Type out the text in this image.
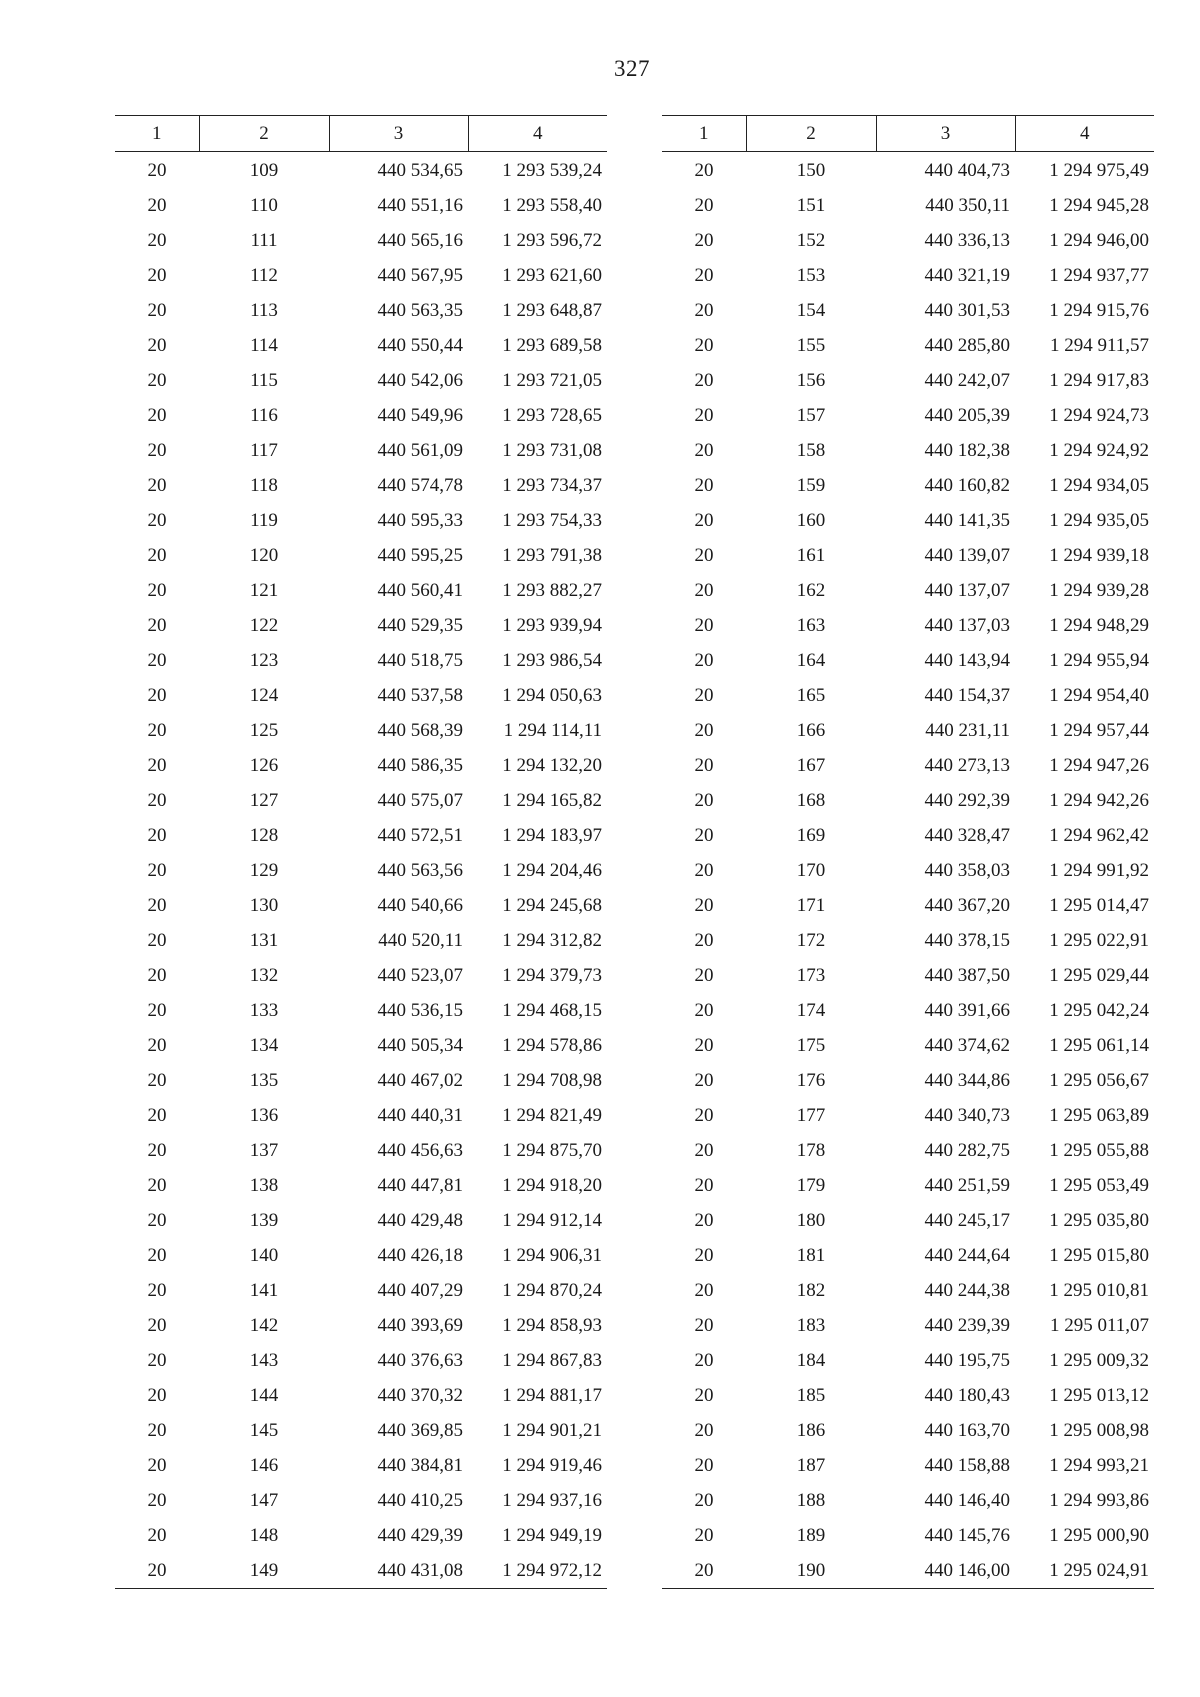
327
1	2	3	4
20	109	440 534,65	1 293 539,24
20	110	440 551,16	1 293 558,40
20	111	440 565,16	1 293 596,72
20	112	440 567,95	1 293 621,60
20	113	440 563,35	1 293 648,87
20	114	440 550,44	1 293 689,58
20	115	440 542,06	1 293 721,05
20	116	440 549,96	1 293 728,65
20	117	440 561,09	1 293 731,08
20	118	440 574,78	1 293 734,37
20	119	440 595,33	1 293 754,33
20	120	440 595,25	1 293 791,38
20	121	440 560,41	1 293 882,27
20	122	440 529,35	1 293 939,94
20	123	440 518,75	1 293 986,54
20	124	440 537,58	1 294 050,63
20	125	440 568,39	1 294 114,11
20	126	440 586,35	1 294 132,20
20	127	440 575,07	1 294 165,82
20	128	440 572,51	1 294 183,97
20	129	440 563,56	1 294 204,46
20	130	440 540,66	1 294 245,68
20	131	440 520,11	1 294 312,82
20	132	440 523,07	1 294 379,73
20	133	440 536,15	1 294 468,15
20	134	440 505,34	1 294 578,86
20	135	440 467,02	1 294 708,98
20	136	440 440,31	1 294 821,49
20	137	440 456,63	1 294 875,70
20	138	440 447,81	1 294 918,20
20	139	440 429,48	1 294 912,14
20	140	440 426,18	1 294 906,31
20	141	440 407,29	1 294 870,24
20	142	440 393,69	1 294 858,93
20	143	440 376,63	1 294 867,83
20	144	440 370,32	1 294 881,17
20	145	440 369,85	1 294 901,21
20	146	440 384,81	1 294 919,46
20	147	440 410,25	1 294 937,16
20	148	440 429,39	1 294 949,19
20	149	440 431,08	1 294 972,12
1	2	3	4
20	150	440 404,73	1 294 975,49
20	151	440 350,11	1 294 945,28
20	152	440 336,13	1 294 946,00
20	153	440 321,19	1 294 937,77
20	154	440 301,53	1 294 915,76
20	155	440 285,80	1 294 911,57
20	156	440 242,07	1 294 917,83
20	157	440 205,39	1 294 924,73
20	158	440 182,38	1 294 924,92
20	159	440 160,82	1 294 934,05
20	160	440 141,35	1 294 935,05
20	161	440 139,07	1 294 939,18
20	162	440 137,07	1 294 939,28
20	163	440 137,03	1 294 948,29
20	164	440 143,94	1 294 955,94
20	165	440 154,37	1 294 954,40
20	166	440 231,11	1 294 957,44
20	167	440 273,13	1 294 947,26
20	168	440 292,39	1 294 942,26
20	169	440 328,47	1 294 962,42
20	170	440 358,03	1 294 991,92
20	171	440 367,20	1 295 014,47
20	172	440 378,15	1 295 022,91
20	173	440 387,50	1 295 029,44
20	174	440 391,66	1 295 042,24
20	175	440 374,62	1 295 061,14
20	176	440 344,86	1 295 056,67
20	177	440 340,73	1 295 063,89
20	178	440 282,75	1 295 055,88
20	179	440 251,59	1 295 053,49
20	180	440 245,17	1 295 035,80
20	181	440 244,64	1 295 015,80
20	182	440 244,38	1 295 010,81
20	183	440 239,39	1 295 011,07
20	184	440 195,75	1 295 009,32
20	185	440 180,43	1 295 013,12
20	186	440 163,70	1 295 008,98
20	187	440 158,88	1 294 993,21
20	188	440 146,40	1 294 993,86
20	189	440 145,76	1 295 000,90
20	190	440 146,00	1 295 024,91
